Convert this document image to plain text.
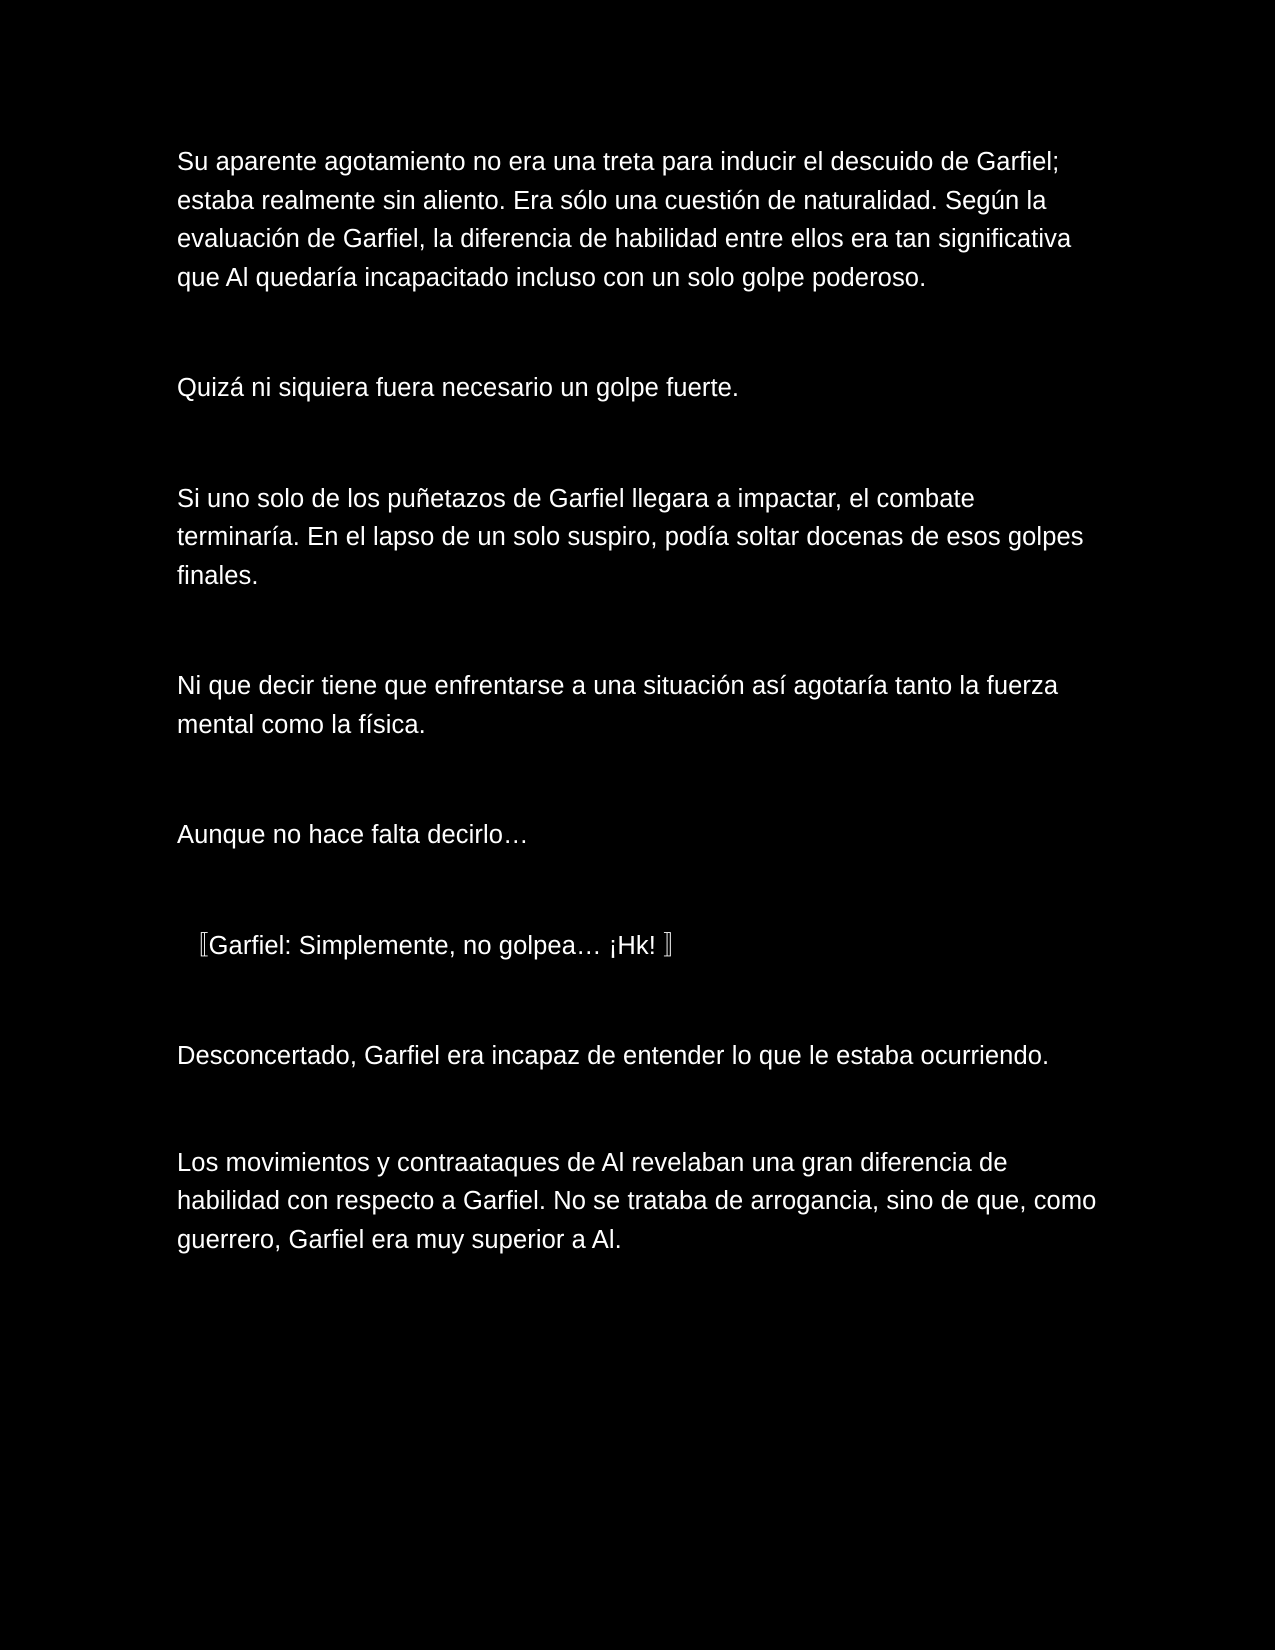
Su aparente agotamiento no era una treta para inducir el descuido de Garfiel; estaba realmente sin aliento. Era sólo una cuestión de naturalidad. Según la evaluación de Garfiel, la diferencia de habilidad entre ellos era tan significativa que Al quedaría incapacitado incluso con un solo golpe poderoso.

Quizá ni siquiera fuera necesario un golpe fuerte.

Si uno solo de los puñetazos de Garfiel llegara a impactar, el combate terminaría. En el lapso de un solo suspiro, podía soltar docenas de esos golpes finales.

Ni que decir tiene que enfrentarse a una situación así agotaría tanto la fuerza mental como la física.

Aunque no hace falta decirlo…

〚Garfiel: Simplemente, no golpea… ¡Hk! 〛

Desconcertado, Garfiel era incapaz de entender lo que le estaba ocurriendo.

Los movimientos y contraataques de Al revelaban una gran diferencia de habilidad con respecto a Garfiel. No se trataba de arrogancia, sino de que, como guerrero, Garfiel era muy superior a Al.
